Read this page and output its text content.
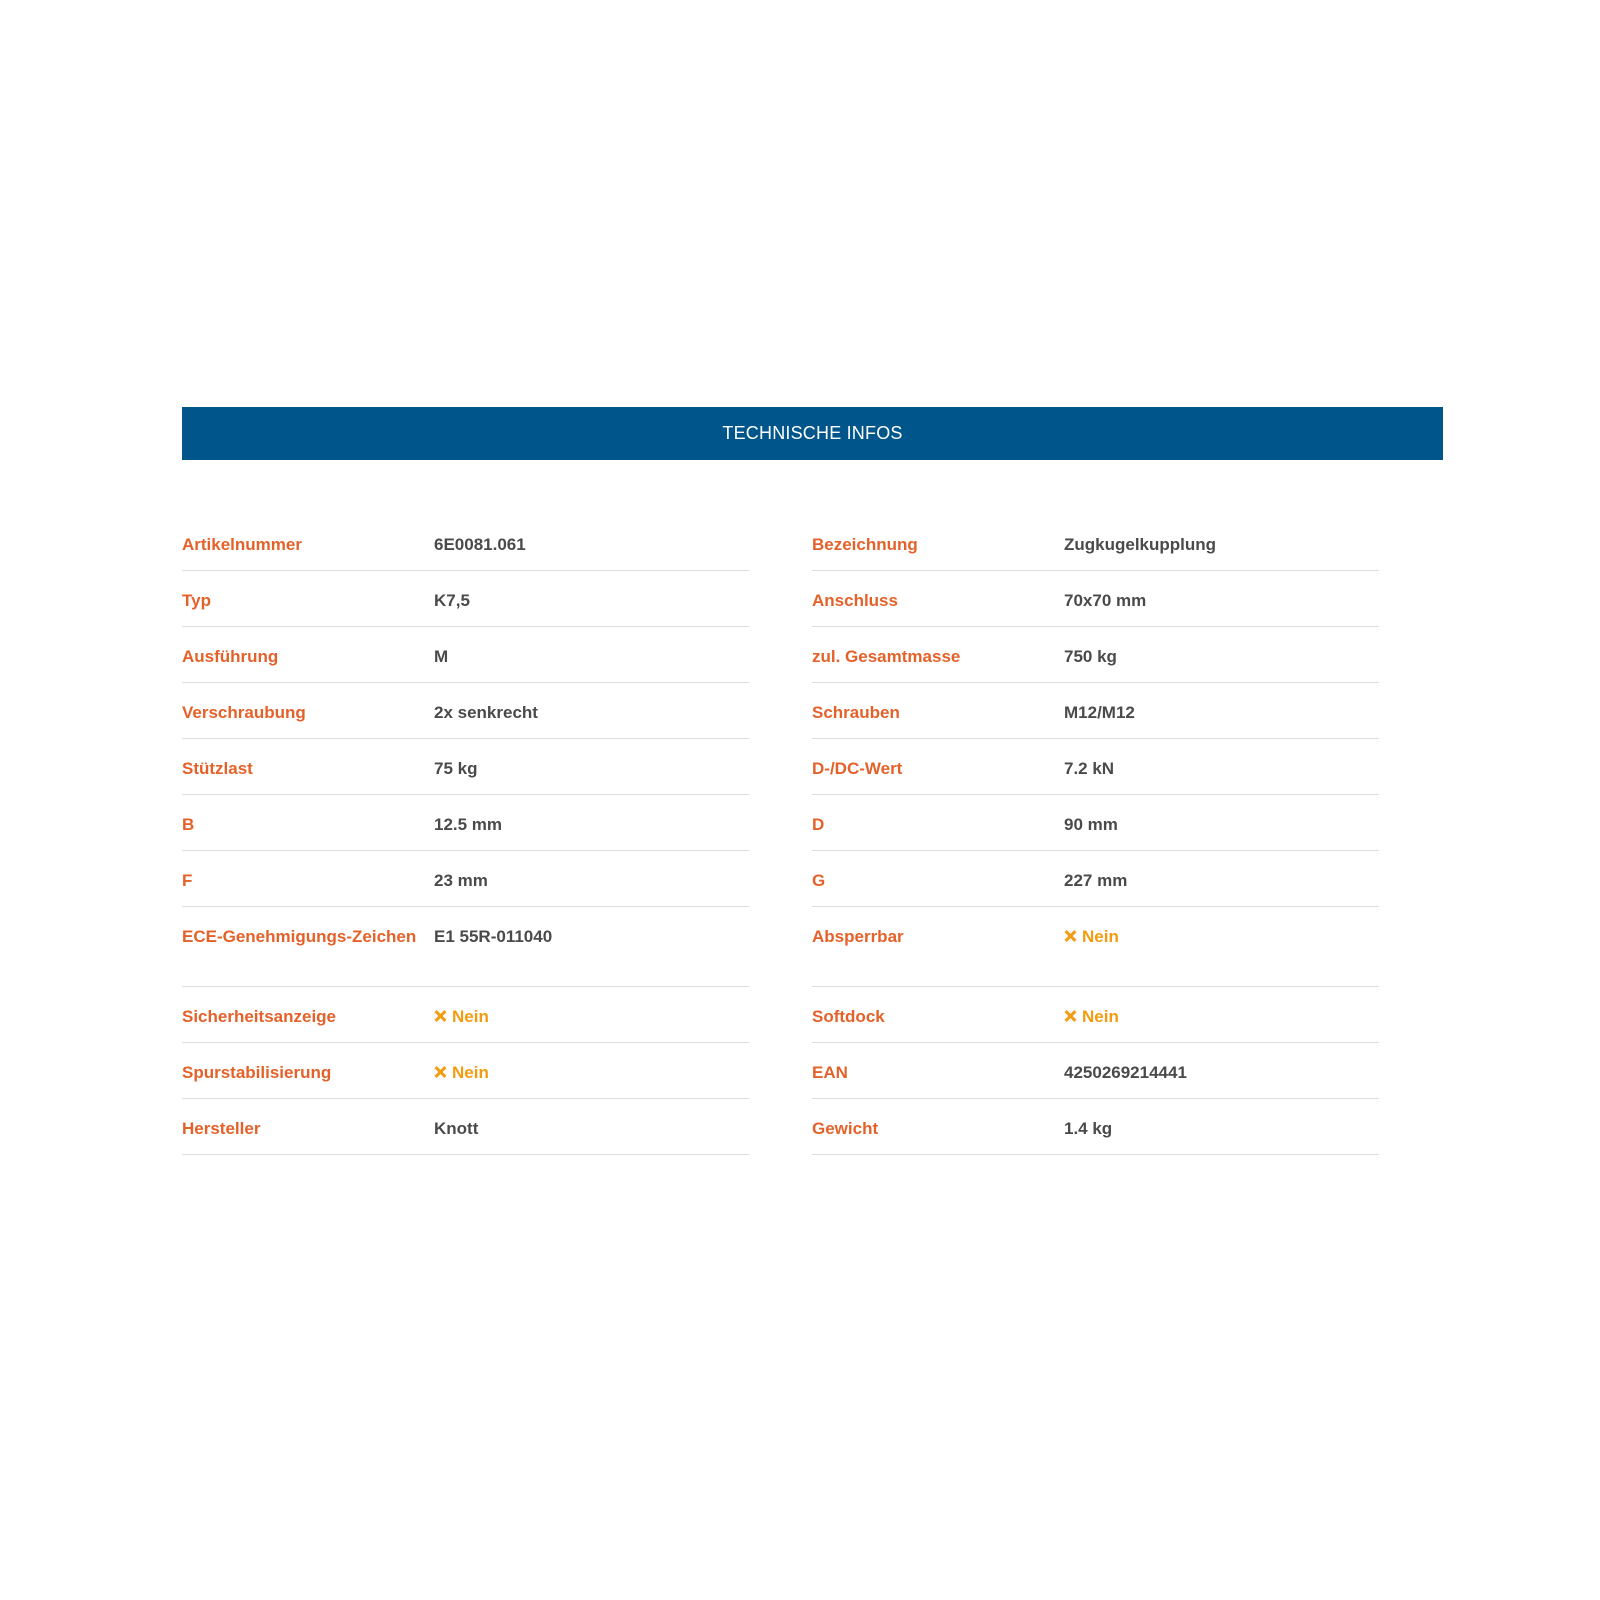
TECHNISCHE INFOS
Artikelnummer	6E0081.061
Typ	K7,5
Ausführung	M
Verschraubung	2x senkrecht
Stützlast	75 kg
B	12.5 mm
F	23 mm
ECE-Genehmigungs-Zeichen	E1 55R-011040
Sicherheitsanzeige	Nein
Spurstabilisierung	Nein
Hersteller	Knott
Bezeichnung	Zugkugelkupplung
Anschluss	70x70 mm
zul. Gesamtmasse	750 kg
Schrauben	M12/M12
D-/DC-Wert	7.2 kN
D	90 mm
G	227 mm
Absperrbar	Nein
Softdock	Nein
EAN	4250269214441
Gewicht	1.4 kg
